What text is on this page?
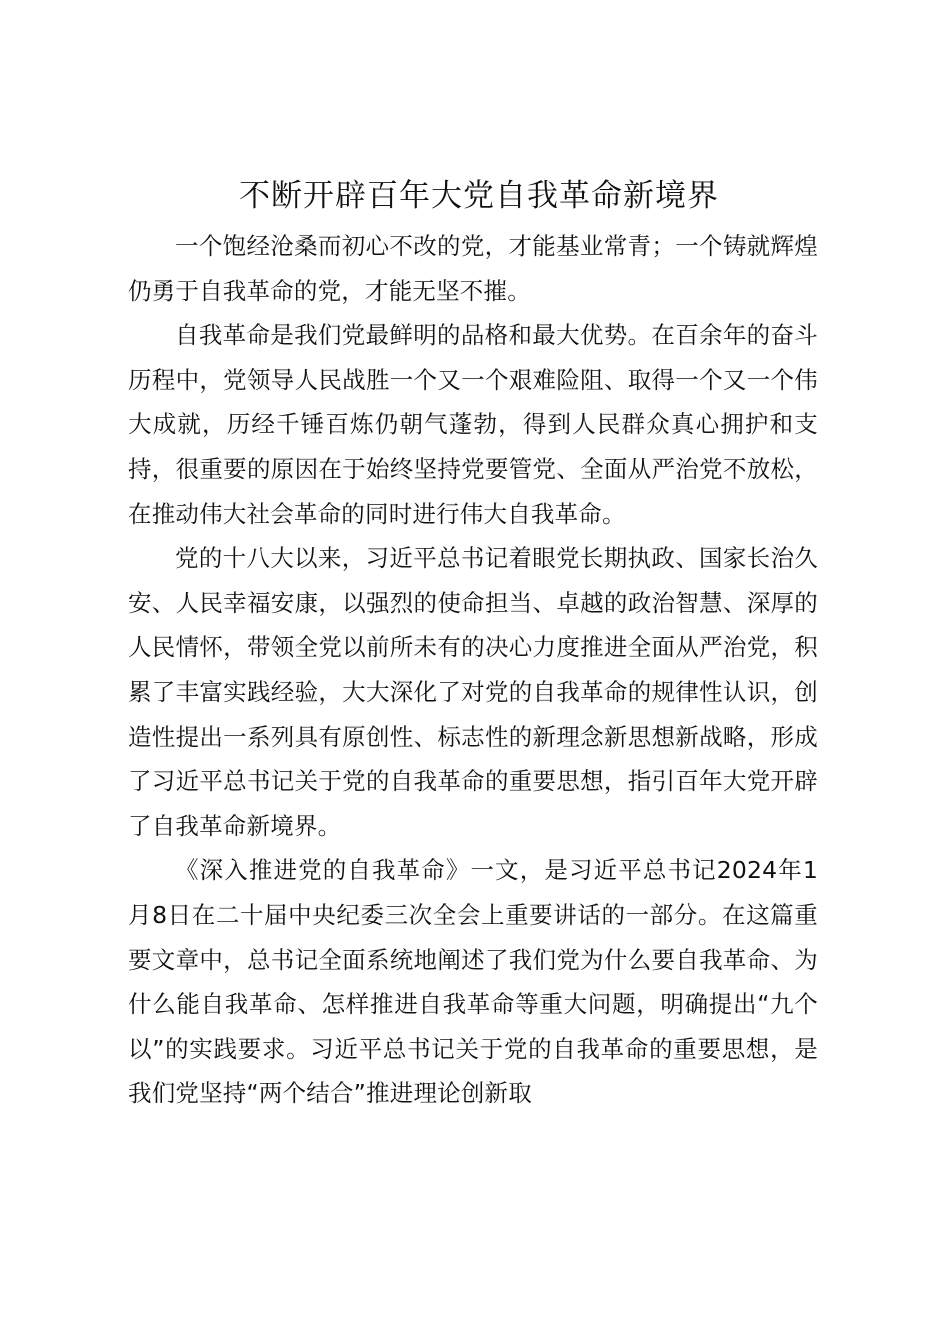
不断开辟百年大党自我革命新境界

一个饱经沧桑而初心不改的党，才能基业常青；一个铸就辉煌仍勇于自我革命的党，才能无坚不摧。

自我革命是我们党最鲜明的品格和最大优势。在百余年的奋斗历程中，党领导人民战胜一个又一个艰难险阻、取得一个又一个伟大成就，历经千锤百炼仍朝气蓬勃，得到人民群众真心拥护和支持，很重要的原因在于始终坚持党要管党、全面从严治党不放松，在推动伟大社会革命的同时进行伟大自我革命。

党的十八大以来，习近平总书记着眼党长期执政、国家长治久安、人民幸福安康，以强烈的使命担当、卓越的政治智慧、深厚的人民情怀，带领全党以前所未有的决心力度推进全面从严治党，积累了丰富实践经验，大大深化了对党的自我革命的规律性认识，创造性提出一系列具有原创性、标志性的新理念新思想新战略，形成了习近平总书记关于党的自我革命的重要思想，指引百年大党开辟了自我革命新境界。

《深入推进党的自我革命》一文，是习近平总书记2024年1月8日在二十届中央纪委三次全会上重要讲话的一部分。在这篇重要文章中，总书记全面系统地阐述了我们党为什么要自我革命、为什么能自我革命、怎样推进自我革命等重大问题，明确提出“九个以”的实践要求。习近平总书记关于党的自我革命的重要思想，是我们党坚持“两个结合”推进理论创新取
